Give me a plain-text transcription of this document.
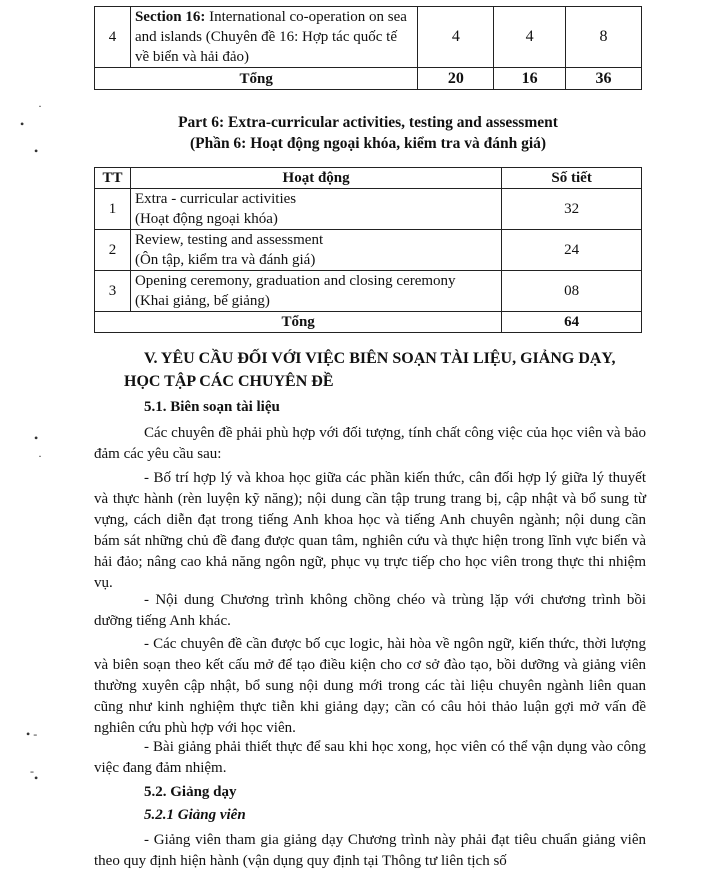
·
•
•
•
·
• -
- •
4	Section 16: International co-operation on sea and islands (Chuyên đề 16: Hợp tác quốc tế về biển và hải đảo)	4	4	8
Tổng		20	16	36
Part 6: Extra-curricular activities, testing and assessment
(Phần 6: Hoạt động ngoại khóa, kiểm tra và đánh giá)
TT	Hoạt động	Số tiết
1	Extra - curricular activities
(Hoạt động ngoại khóa)	32
2	Review, testing and assessment
(Ôn tập, kiểm tra và đánh giá)	24
3	Opening ceremony, graduation and closing ceremony
(Khai giảng, bế giảng)	08
Tổng		64
V. YÊU CẦU ĐỐI VỚI VIỆC BIÊN SOẠN TÀI LIỆU, GIẢNG DẠY,
HỌC TẬP CÁC CHUYÊN ĐỀ
5.1. Biên soạn tài liệu
Các chuyên đề phải phù hợp với đối tượng, tính chất công việc của học viên và bảo đảm các yêu cầu sau:
- Bố trí hợp lý và khoa học giữa các phần kiến thức, cân đối hợp lý giữa lý thuyết và thực hành (rèn luyện kỹ năng); nội dung cần tập trung trang bị, cập nhật và bổ sung từ vựng, cách diễn đạt trong tiếng Anh khoa học và tiếng Anh chuyên ngành; nội dung cần bám sát những chủ đề đang được quan tâm, nghiên cứu và thực hiện trong lĩnh vực biển và hải đảo; nâng cao khả năng ngôn ngữ, phục vụ trực tiếp cho học viên trong thực thi nhiệm vụ.
- Nội dung Chương trình không chồng chéo và trùng lặp với chương trình bồi dưỡng tiếng Anh khác.
- Các chuyên đề cần được bố cục logic, hài hòa về ngôn ngữ, kiến thức, thời lượng và biên soạn theo kết cấu mở để tạo điều kiện cho cơ sở đào tạo, bồi dưỡng và giảng viên thường xuyên cập nhật, bổ sung nội dung mới trong các tài liệu chuyên ngành liên quan cũng như kinh nghiệm thực tiễn khi giảng dạy; cần có câu hỏi thảo luận gợi mở vấn đề nghiên cứu phù hợp với học viên.
- Bài giảng phải thiết thực để sau khi học xong, học viên có thể vận dụng vào công việc đang đảm nhiệm.
5.2. Giảng dạy
5.2.1 Giảng viên
- Giảng viên tham gia giảng dạy Chương trình này phải đạt tiêu chuẩn giảng viên theo quy định hiện hành (vận dụng quy định tại Thông tư liên tịch số
